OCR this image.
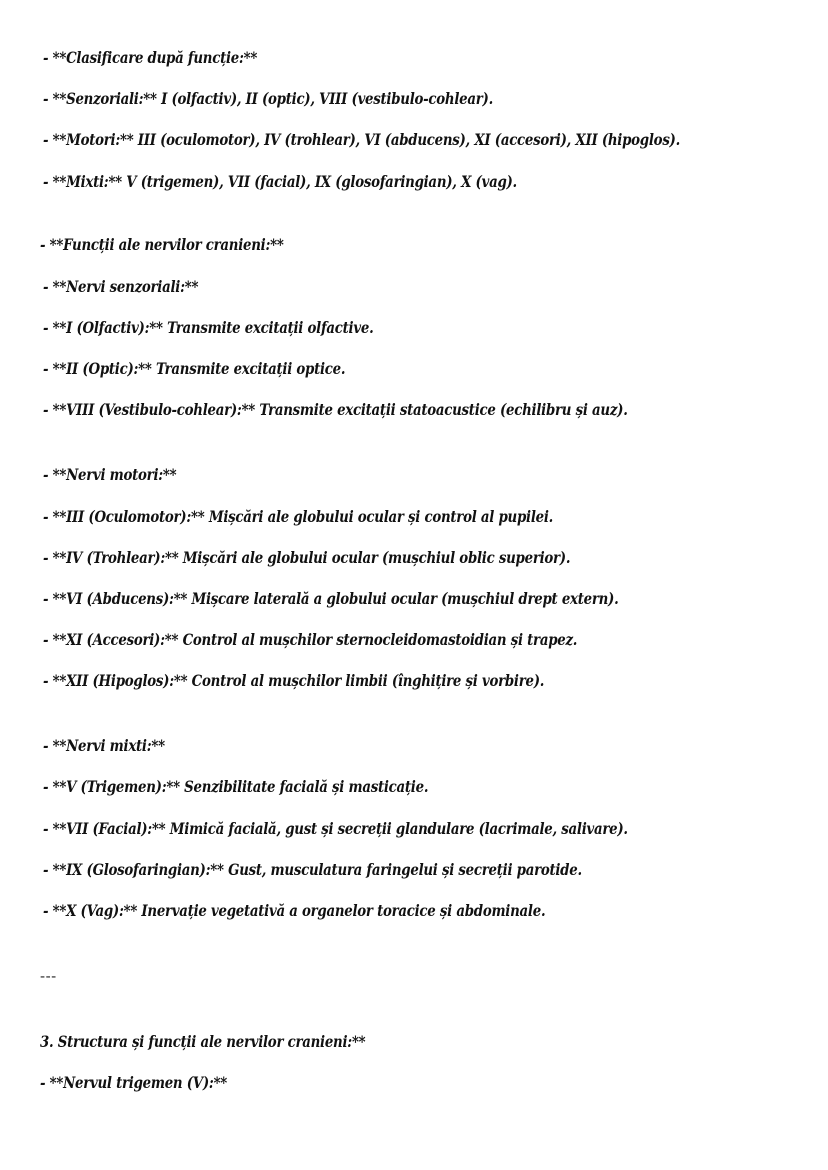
- **Clasificare după funcție:**
- **Senzoriali:** I (olfactiv), II (optic), VIII (vestibulo-cohlear).
- **Motori:** III (oculomotor), IV (trohlear), VI (abducens), XI (accesori), XII (hipoglos).
- **Mixti:** V (trigemen), VII (facial), IX (glosofaringian), X (vag).
- **Funcții ale nervilor cranieni:**
- **Nervi senzoriali:**
- **I (Olfactiv):** Transmite excitații olfactive.
- **II (Optic):** Transmite excitații optice.
- **VIII (Vestibulo-cohlear):** Transmite excitații statoacustice (echilibru și auz).
- **Nervi motori:**
- **III (Oculomotor):** Mișcări ale globului ocular și control al pupilei.
- **IV (Trohlear):** Mișcări ale globului ocular (mușchiul oblic superior).
- **VI (Abducens):** Mișcare laterală a globului ocular (mușchiul drept extern).
- **XI (Accesori):** Control al mușchilor sternocleidomastoidian și trapez.
- **XII (Hipoglos):** Control al mușchilor limbii (înghițire și vorbire).
- **Nervi mixti:**
- **V (Trigemen):** Senzibilitate facială și masticație.
- **VII (Facial):** Mimică facială, gust și secreții glandulare (lacrimale, salivare).
- **IX (Glosofaringian):** Gust, musculatura faringelui și secreții parotide.
- **X (Vag):** Inervație vegetativă a organelor toracice și abdominale.
---
3. Structura și funcții ale nervilor cranieni:**
- **Nervul trigemen (V):**
